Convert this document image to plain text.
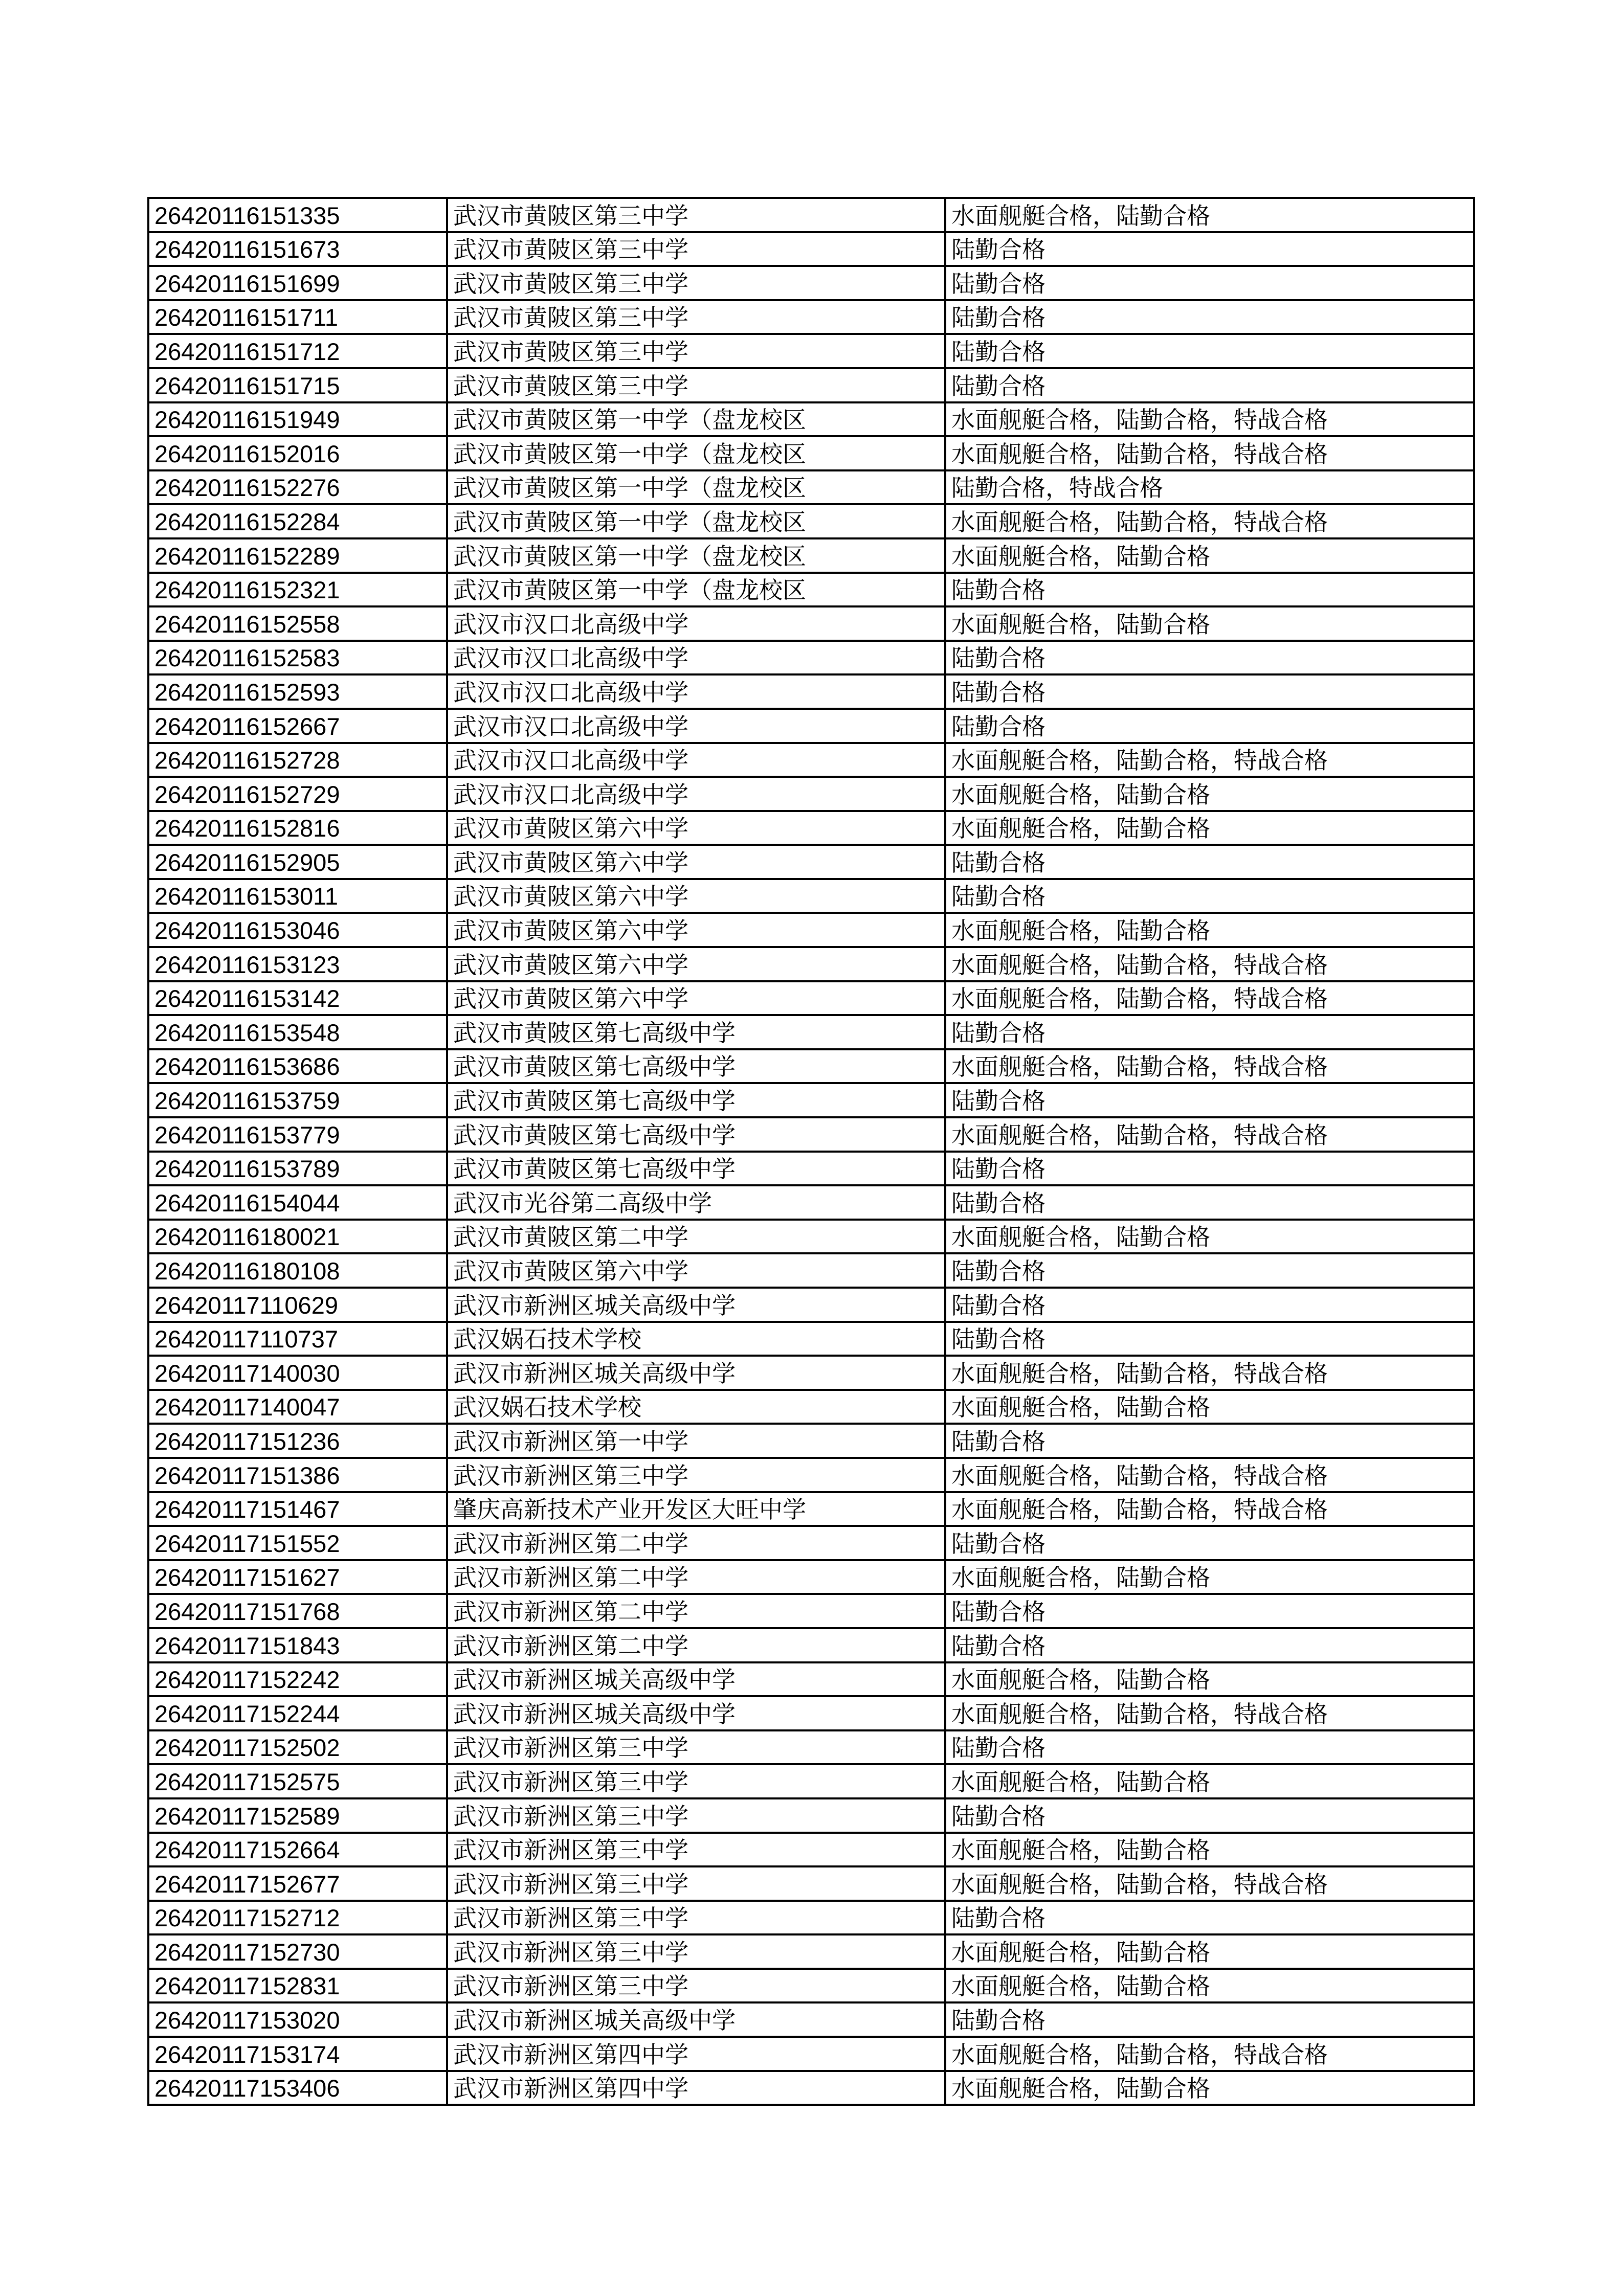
26420116151335	武汉市黄陂区第三中学	水面舰艇合格，陆勤合格
26420116151673	武汉市黄陂区第三中学	陆勤合格
26420116151699	武汉市黄陂区第三中学	陆勤合格
26420116151711	武汉市黄陂区第三中学	陆勤合格
26420116151712	武汉市黄陂区第三中学	陆勤合格
26420116151715	武汉市黄陂区第三中学	陆勤合格
26420116151949	武汉市黄陂区第一中学（盘龙校区	水面舰艇合格，陆勤合格，特战合格
26420116152016	武汉市黄陂区第一中学（盘龙校区	水面舰艇合格，陆勤合格，特战合格
26420116152276	武汉市黄陂区第一中学（盘龙校区	陆勤合格，特战合格
26420116152284	武汉市黄陂区第一中学（盘龙校区	水面舰艇合格，陆勤合格，特战合格
26420116152289	武汉市黄陂区第一中学（盘龙校区	水面舰艇合格，陆勤合格
26420116152321	武汉市黄陂区第一中学（盘龙校区	陆勤合格
26420116152558	武汉市汉口北高级中学	水面舰艇合格，陆勤合格
26420116152583	武汉市汉口北高级中学	陆勤合格
26420116152593	武汉市汉口北高级中学	陆勤合格
26420116152667	武汉市汉口北高级中学	陆勤合格
26420116152728	武汉市汉口北高级中学	水面舰艇合格，陆勤合格，特战合格
26420116152729	武汉市汉口北高级中学	水面舰艇合格，陆勤合格
26420116152816	武汉市黄陂区第六中学	水面舰艇合格，陆勤合格
26420116152905	武汉市黄陂区第六中学	陆勤合格
26420116153011	武汉市黄陂区第六中学	陆勤合格
26420116153046	武汉市黄陂区第六中学	水面舰艇合格，陆勤合格
26420116153123	武汉市黄陂区第六中学	水面舰艇合格，陆勤合格，特战合格
26420116153142	武汉市黄陂区第六中学	水面舰艇合格，陆勤合格，特战合格
26420116153548	武汉市黄陂区第七高级中学	陆勤合格
26420116153686	武汉市黄陂区第七高级中学	水面舰艇合格，陆勤合格，特战合格
26420116153759	武汉市黄陂区第七高级中学	陆勤合格
26420116153779	武汉市黄陂区第七高级中学	水面舰艇合格，陆勤合格，特战合格
26420116153789	武汉市黄陂区第七高级中学	陆勤合格
26420116154044	武汉市光谷第二高级中学	陆勤合格
26420116180021	武汉市黄陂区第二中学	水面舰艇合格，陆勤合格
26420116180108	武汉市黄陂区第六中学	陆勤合格
26420117110629	武汉市新洲区城关高级中学	陆勤合格
26420117110737	武汉娲石技术学校	陆勤合格
26420117140030	武汉市新洲区城关高级中学	水面舰艇合格，陆勤合格，特战合格
26420117140047	武汉娲石技术学校	水面舰艇合格，陆勤合格
26420117151236	武汉市新洲区第一中学	陆勤合格
26420117151386	武汉市新洲区第三中学	水面舰艇合格，陆勤合格，特战合格
26420117151467	肇庆高新技术产业开发区大旺中学	水面舰艇合格，陆勤合格，特战合格
26420117151552	武汉市新洲区第二中学	陆勤合格
26420117151627	武汉市新洲区第二中学	水面舰艇合格，陆勤合格
26420117151768	武汉市新洲区第二中学	陆勤合格
26420117151843	武汉市新洲区第二中学	陆勤合格
26420117152242	武汉市新洲区城关高级中学	水面舰艇合格，陆勤合格
26420117152244	武汉市新洲区城关高级中学	水面舰艇合格，陆勤合格，特战合格
26420117152502	武汉市新洲区第三中学	陆勤合格
26420117152575	武汉市新洲区第三中学	水面舰艇合格，陆勤合格
26420117152589	武汉市新洲区第三中学	陆勤合格
26420117152664	武汉市新洲区第三中学	水面舰艇合格，陆勤合格
26420117152677	武汉市新洲区第三中学	水面舰艇合格，陆勤合格，特战合格
26420117152712	武汉市新洲区第三中学	陆勤合格
26420117152730	武汉市新洲区第三中学	水面舰艇合格，陆勤合格
26420117152831	武汉市新洲区第三中学	水面舰艇合格，陆勤合格
26420117153020	武汉市新洲区城关高级中学	陆勤合格
26420117153174	武汉市新洲区第四中学	水面舰艇合格，陆勤合格，特战合格
26420117153406	武汉市新洲区第四中学	水面舰艇合格，陆勤合格
